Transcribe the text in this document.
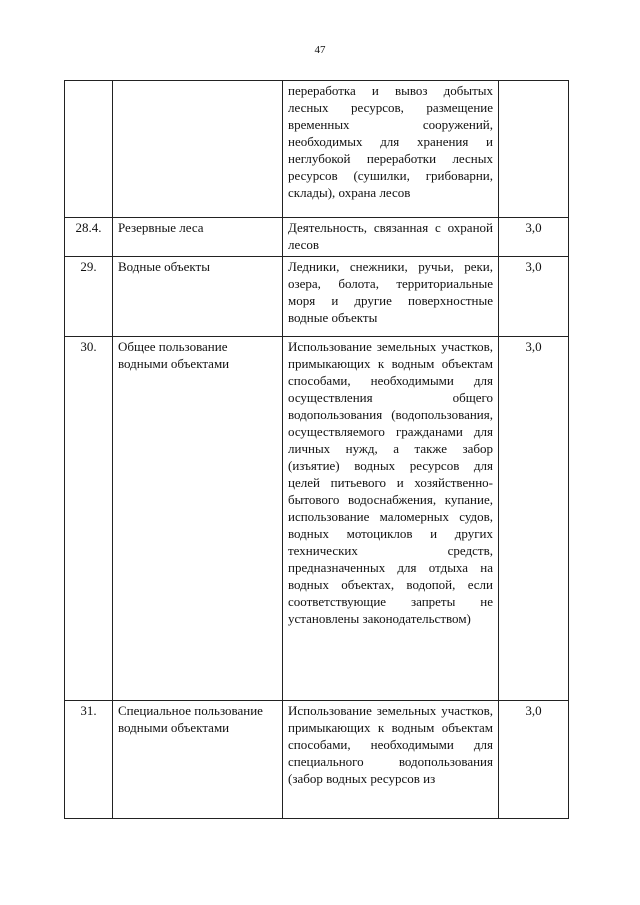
47
		переработка и вывоз добытых лесных ресурсов, размещение временных сооружений, необходимых для хранения и неглубокой переработки лесных ресурсов (сушилки, грибоварни, склады), охрана лесов	
28.4.	Резервные леса	Деятельность, связанная с охраной лесов	3,0
29.	Водные объекты	Ледники, снежники, ручьи, реки, озера, болота, территориальные моря и другие поверхностные водные объекты	3,0
30.	Общее пользование водными объектами	Использование земельных участков, примыкающих к водным объектам способами, необходимыми для осуществления общего водопользования (водопользования, осуществляемого гражданами для личных нужд, а также забор (изъятие) водных ресурсов для целей питьевого и хозяйственно-бытового водоснабжения, купание, использование маломерных судов, водных мотоциклов и других технических средств, предназначенных для отдыха на водных объектах, водопой, если соответствующие запреты не установлены законодательством)	3,0
31.	Специальное пользование водными объектами	Использование земельных участков, примыкающих к водным объектам способами, необходимыми для специального водопользования (забор водных ресурсов из	3,0
